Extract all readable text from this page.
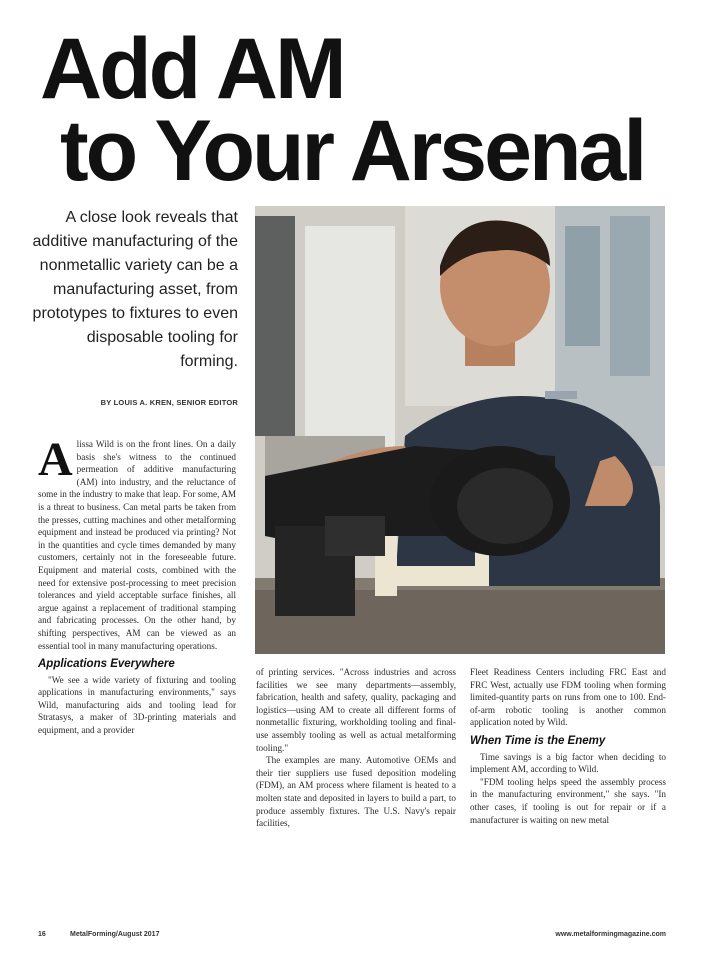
Add AM
to Your Arsenal

A close look reveals that additive manufacturing of the nonmetallic variety can be a manufacturing asset, from prototypes to fixtures to even disposable tooling for forming.

BY LOUIS A. KREN, SENIOR EDITOR

Alissa Wild is on the front lines. On a daily basis she's witness to the continued permeation of additive manufacturing (AM) into industry, and the reluctance of some in the industry to make that leap. For some, AM is a threat to business. Can metal parts be taken from the presses, cutting machines and other metalforming equipment and instead be produced via printing? Not in the quantities and cycle times demanded by many customers, certainly not in the foreseeable future. Equipment and material costs, combined with the need for extensive post-processing to meet precision tolerances and yield acceptable surface finishes, all argue against a replacement of traditional stamping and fabricating processes. On the other hand, by shifting perspectives, AM can be viewed as an essential tool in many manufacturing operations.

Applications Everywhere

"We see a wide variety of fixturing and tooling applications in manufacturing environments," says Wild, manufacturing aids and tooling lead for Stratasys, a maker of 3D-printing materials and equipment, and a provider

of printing services. "Across industries and across facilities we see many departments—assembly, fabrication, health and safety, quality, packaging and logistics—using AM to create all different forms of nonmetallic fixturing, workholding tooling and final-use assembly tooling as well as actual metalforming tooling."

The examples are many. Automotive OEMs and their tier suppliers use fused deposition modeling (FDM), an AM process where filament is heated to a molten state and deposited in layers to build a part, to produce assembly fixtures. The U.S. Navy's repair facilities,

Fleet Readiness Centers including FRC East and FRC West, actually use FDM tooling when forming limited-quantity parts on runs from one to 100. End-of-arm robotic tooling is another common application noted by Wild.

When Time is the Enemy

Time savings is a big factor when deciding to implement AM, according to Wild.

"FDM tooling helps speed the assembly process in the manufacturing environment," she says. "In other cases, if tooling is out for repair or if a manufacturer is waiting on new metal

16	MetalForming/August 2017	www.metalformingmagazine.com
